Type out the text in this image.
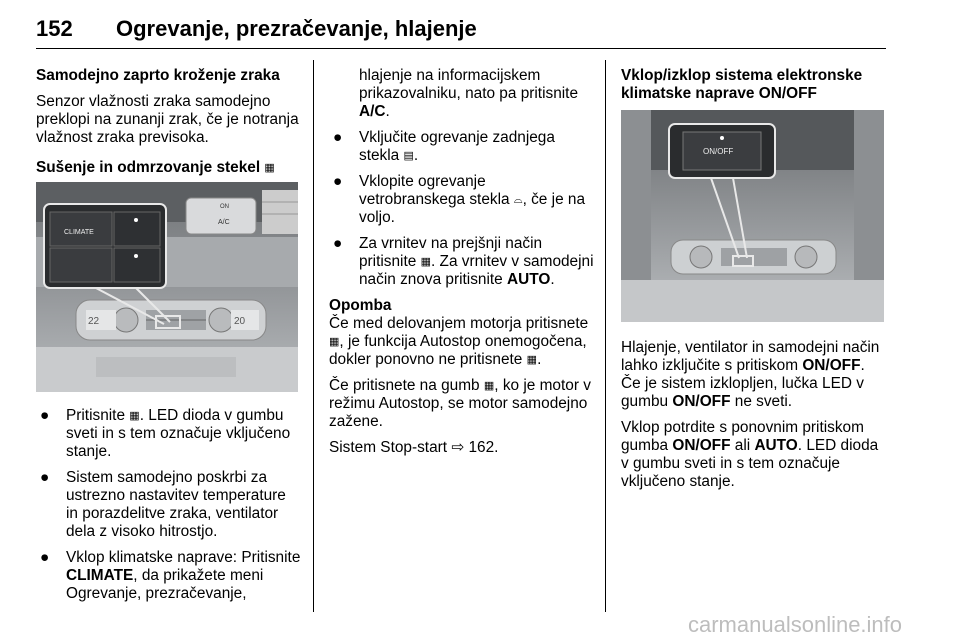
152 Ogrevanje, prezračevanje, hlajenje

Samodejno zaprto kroženje zraka

Senzor vlažnosti zraka samodejno preklopi na zunanji zrak, če je notranja vlažnost zraka previsoka.

Sušenje in odmrzovanje stekel ▦

ON
A/C
CLIMATE
22	20

● Pritisnite ▦. LED dioda v gumbu sveti in s tem označuje vključeno stanje.

● Sistem samodejno poskrbi za ustrezno nastavitev temperature in porazdelitve zraka, ventilator dela z visoko hitrostjo.

● Vklop klimatske naprave: Pritisnite CLIMATE, da prikažete meni Ogrevanje, prezračevanje,

hlajenje na informacijskem prikazovalniku, nato pa pritisnite A/C.

● Vključite ogrevanje zadnjega stekla ▤.

● Vklopite ogrevanje vetrobranskega stekla ⌓, če je na voljo.

● Za vrnitev na prejšnji način pritisnite ▦. Za vrnitev v samodejni način znova pritisnite AUTO.

Opomba

Če med delovanjem motorja pritisnete ▦, je funkcija Autostop onemogočena, dokler ponovno ne pritisnete ▦.

Če pritisnete na gumb ▦, ko je motor v režimu Autostop, se motor samodejno zažene.

Sistem Stop-start ⇨ 162.

Vklop/izklop sistema elektronske klimatske naprave ON/OFF

ON/OFF

Hlajenje, ventilator in samodejni način lahko izključite s pritiskom ON/OFF. Če je sistem izklopljen, lučka LED v gumbu ON/OFF ne sveti.

Vklop potrdite s ponovnim pritiskom gumba ON/OFF ali AUTO. LED dioda v gumbu sveti in s tem označuje vključeno stanje.

carmanualsonline.info
